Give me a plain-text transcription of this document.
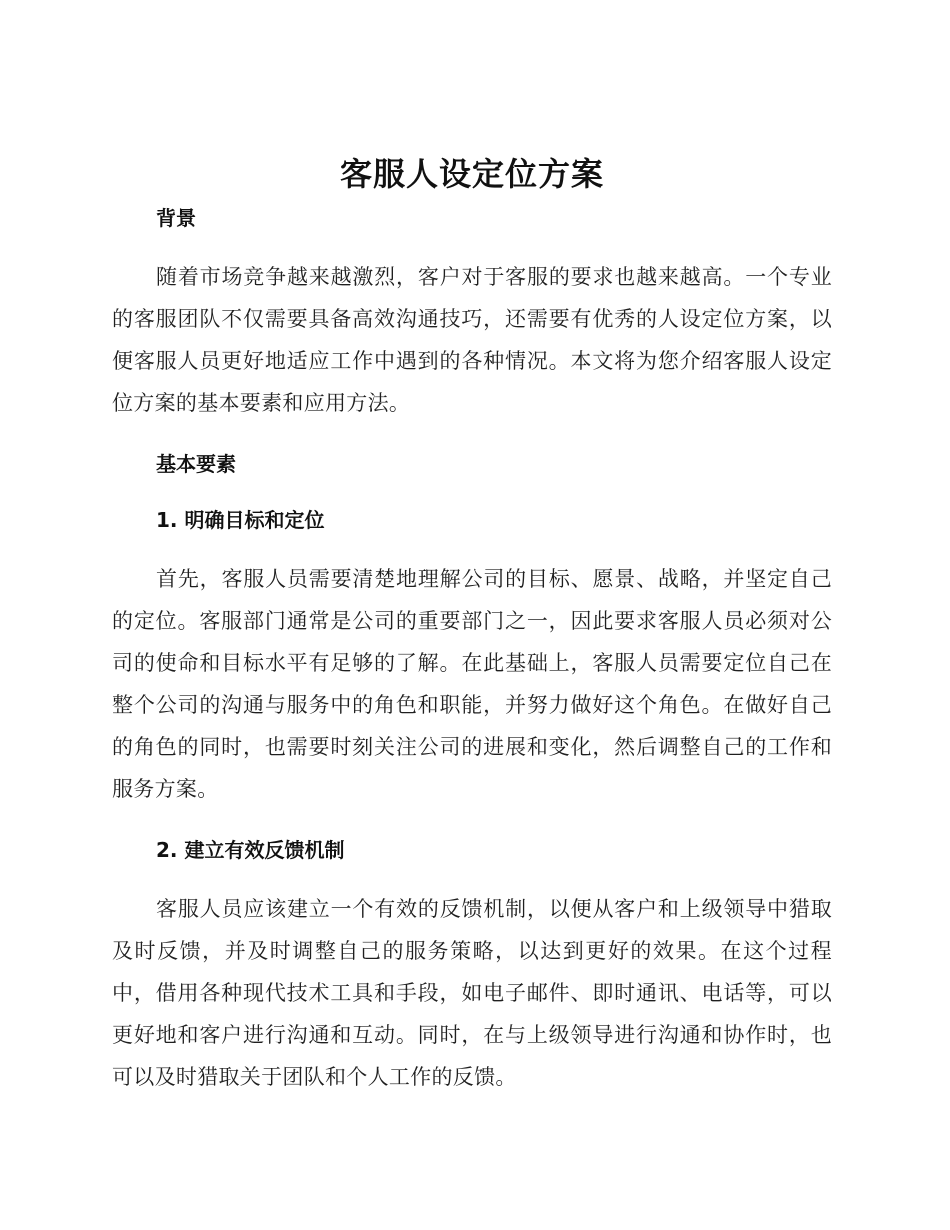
客服人设定位方案
背景

随着市场竞争越来越激烈，客户对于客服的要求也越来越高。一个专业的客服团队不仅需要具备高效沟通技巧，还需要有优秀的人设定位方案，以便客服人员更好地适应工作中遇到的各种情况。本文将为您介绍客服人设定位方案的基本要素和应用方法。

基本要素
1. 明确目标和定位

首先，客服人员需要清楚地理解公司的目标、愿景、战略，并坚定自己的定位。客服部门通常是公司的重要部门之一，因此要求客服人员必须对公司的使命和目标水平有足够的了解。在此基础上，客服人员需要定位自己在整个公司的沟通与服务中的角色和职能，并努力做好这个角色。在做好自己的角色的同时，也需要时刻关注公司的进展和变化，然后调整自己的工作和服务方案。

2. 建立有效反馈机制

客服人员应该建立一个有效的反馈机制，以便从客户和上级领导中猎取及时反馈，并及时调整自己的服务策略，以达到更好的效果。在这个过程中，借用各种现代技术工具和手段，如电子邮件、即时通讯、电话等，可以更好地和客户进行沟通和互动。同时，在与上级领导进行沟通和协作时，也可以及时猎取关于团队和个人工作的反馈。
